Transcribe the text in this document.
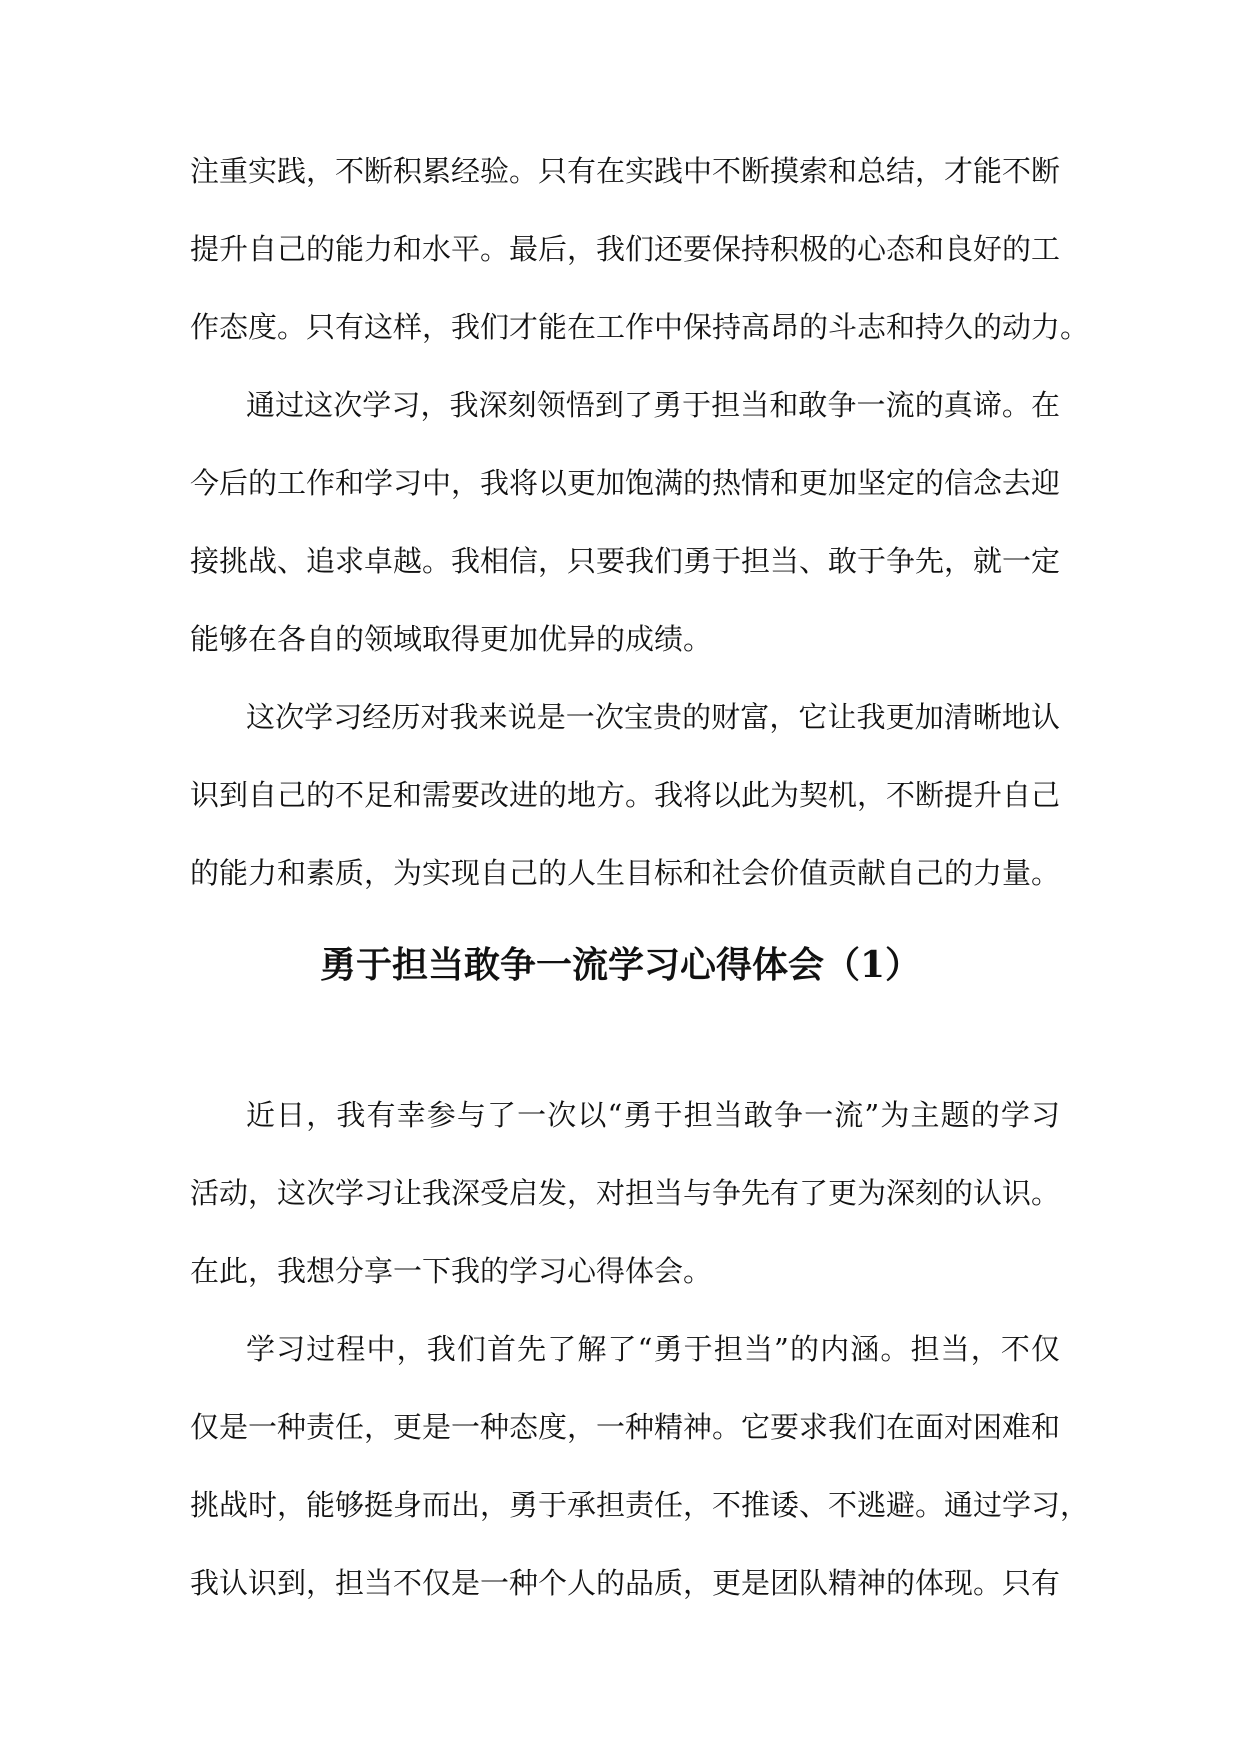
注重实践，不断积累经验。只有在实践中不断摸索和总结，才能不断
提升自己的能力和水平。最后，我们还要保持积极的心态和良好的工
作态度。只有这样，我们才能在工作中保持高昂的斗志和持久的动力。
通过这次学习，我深刻领悟到了勇于担当和敢争一流的真谛。在
今后的工作和学习中，我将以更加饱满的热情和更加坚定的信念去迎
接挑战、追求卓越。我相信，只要我们勇于担当、敢于争先，就一定
能够在各自的领域取得更加优异的成绩。
这次学习经历对我来说是一次宝贵的财富，它让我更加清晰地认
识到自己的不足和需要改进的地方。我将以此为契机，不断提升自己
的能力和素质，为实现自己的人生目标和社会价值贡献自己的力量。
勇于担当敢争一流学习心得体会（1）
近日，我有幸参与了一次以“勇于担当敢争一流”为主题的学习
活动，这次学习让我深受启发，对担当与争先有了更为深刻的认识。
在此，我想分享一下我的学习心得体会。
学习过程中，我们首先了解了“勇于担当”的内涵。担当，不仅
仅是一种责任，更是一种态度，一种精神。它要求我们在面对困难和
挑战时，能够挺身而出，勇于承担责任，不推诿、不逃避。通过学习，
我认识到，担当不仅是一种个人的品质，更是团队精神的体现。只有
